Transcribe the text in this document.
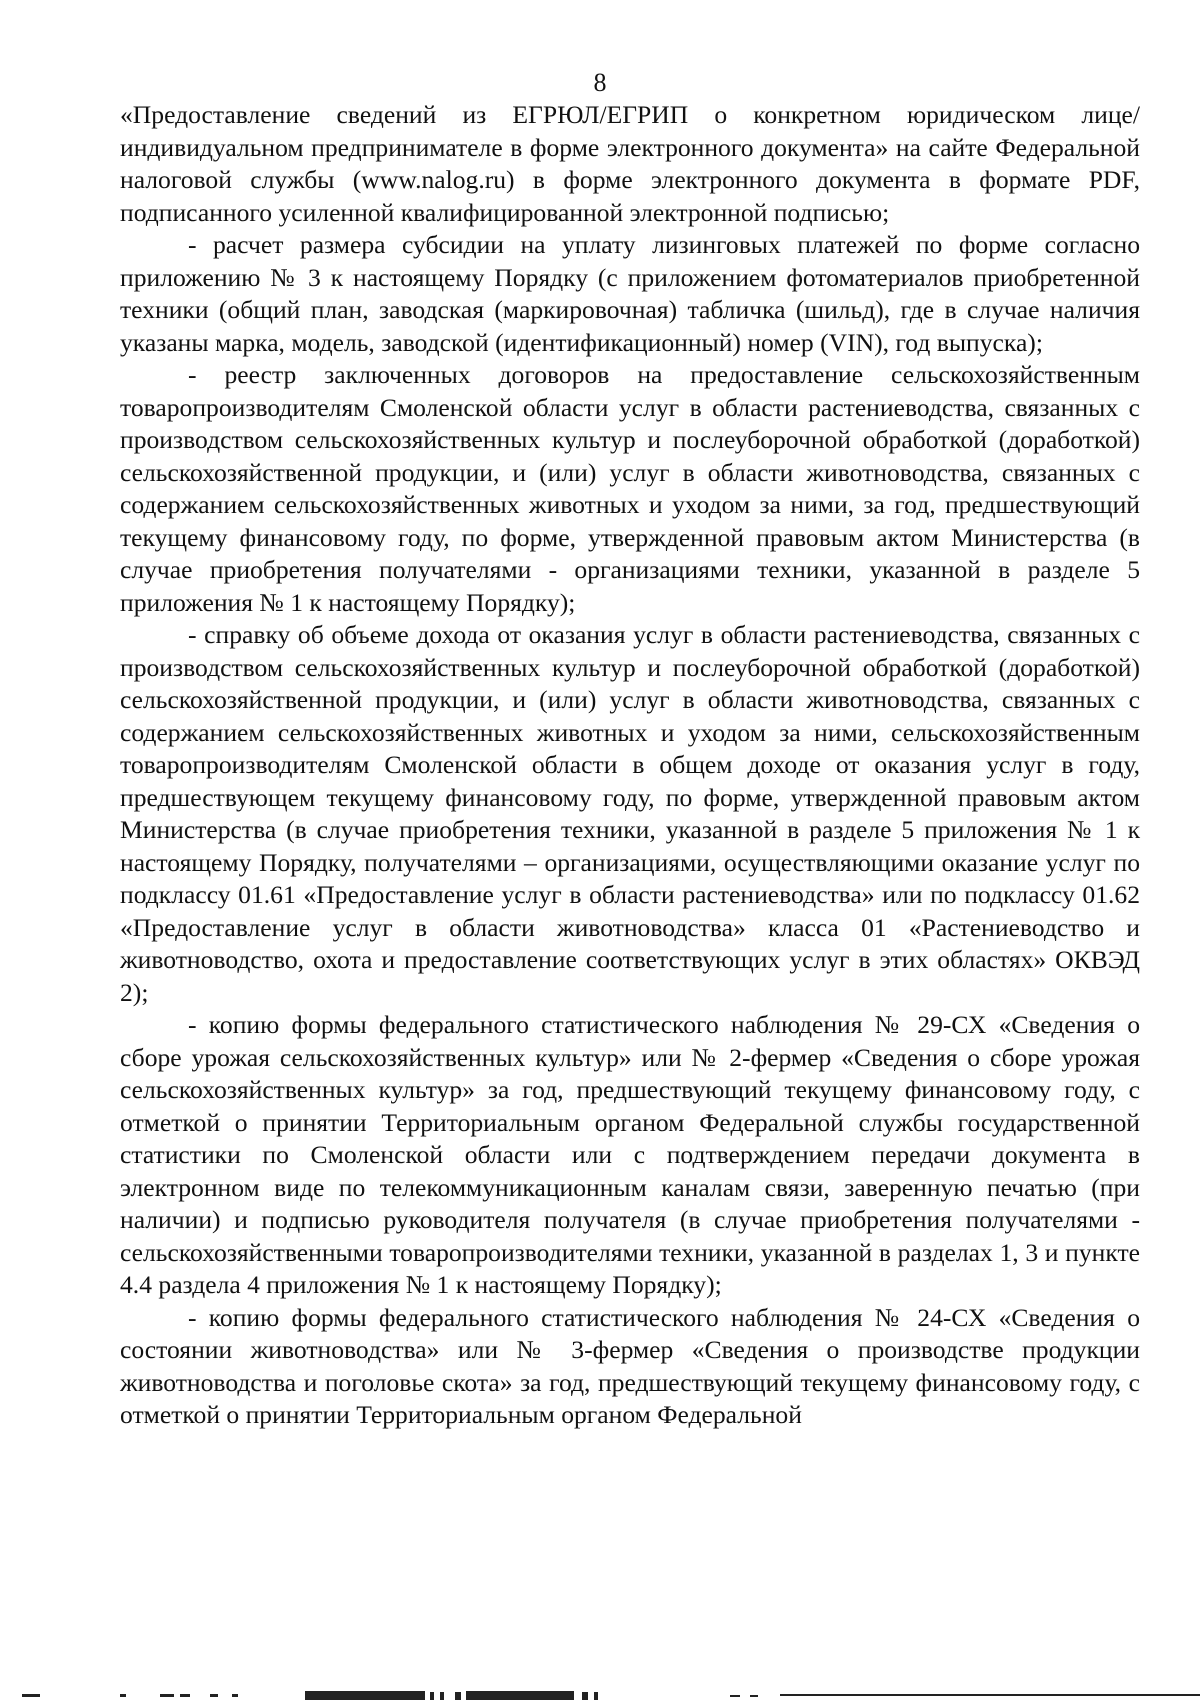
8

«Предоставление сведений из ЕГРЮЛ/ЕГРИП о конкретном юридическом лице/индивидуальном предпринимателе в форме электронного документа» на сайте Федеральной налоговой службы (www.nalog.ru) в форме электронного документа в формате PDF, подписанного усиленной квалифицированной электронной подписью;

- расчет размера субсидии на уплату лизинговых платежей по форме согласно приложению № 3 к настоящему Порядку (с приложением фотоматериалов приобретенной техники (общий план, заводская (маркировочная) табличка (шильд), где в случае наличия указаны марка, модель, заводской (идентификационный) номер (VIN), год выпуска);

- реестр заключенных договоров на предоставление сельскохозяйственным товаропроизводителям Смоленской области услуг в области растениеводства, связанных с производством сельскохозяйственных культур и послеуборочной обработкой (доработкой) сельскохозяйственной продукции, и (или) услуг в области животноводства, связанных с содержанием сельскохозяйственных животных и уходом за ними, за год, предшествующий текущему финансовому году, по форме, утвержденной правовым актом Министерства (в случае приобретения получателями - организациями техники, указанной в разделе 5 приложения № 1 к настоящему Порядку);

- справку об объеме дохода от оказания услуг в области растениеводства, связанных с производством сельскохозяйственных культур и послеуборочной обработкой (доработкой) сельскохозяйственной продукции, и (или) услуг в области животноводства, связанных с содержанием сельскохозяйственных животных и уходом за ними, сельскохозяйственным товаропроизводителям Смоленской области в общем доходе от оказания услуг в году, предшествующем текущему финансовому году, по форме, утвержденной правовым актом Министерства (в случае приобретения техники, указанной в разделе 5 приложения № 1 к настоящему Порядку, получателями – организациями, осуществляющими оказание услуг по подклассу 01.61 «Предоставление услуг в области растениеводства» или по подклассу 01.62 «Предоставление услуг в области животноводства» класса 01 «Растениеводство и животноводство, охота и предоставление соответствующих услуг в этих областях» ОКВЭД 2);

- копию формы федерального статистического наблюдения № 29-СХ «Сведения о сборе урожая сельскохозяйственных культур» или № 2-фермер «Сведения о сборе урожая сельскохозяйственных культур» за год, предшествующий текущему финансовому году, с отметкой о принятии Территориальным органом Федеральной службы государственной статистики по Смоленской области или с подтверждением передачи документа в электронном виде по телекоммуникационным каналам связи, заверенную печатью (при наличии) и подписью руководителя получателя (в случае приобретения получателями - сельскохозяйственными товаропроизводителями техники, указанной в разделах 1, 3 и пункте 4.4 раздела 4 приложения № 1 к настоящему Порядку);

- копию формы федерального статистического наблюдения № 24-СХ «Сведения о состоянии животноводства» или № 3-фермер «Сведения о производстве продукции животноводства и поголовье скота» за год, предшествующий текущему финансовому году, с отметкой о принятии Территориальным органом Федеральной
